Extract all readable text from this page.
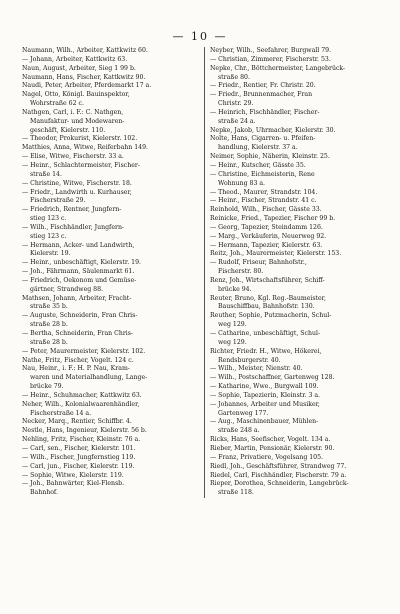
— 10 —
Naumann, Wilh., Arbeiter, Kattkwitz 60.
— Johann, Arbeiter, Kattkwitz 63.
Naun, August, Arbeiter, Sieg 1 99 b.
Naumann, Hans, Fischer, Kattkwitz 90.
Naudi, Peter, Arbeiter, Pferdemarkt 17 a.
Nagel, Otto, Königl. Bauinspektor,
Wohrstraße 62 c.
Nathgen, Carl, i. F.: C. Nathgen,
Manufaktur- und Modewaren-
geschäft, Kielerstr. 110.
— Theodor, Prokurist, Kielerstr. 102.
Matthies, Anna, Witwe, Reiferbahn 149.
— Elise, Witwe, Fischerstr. 33 a.
— Heinr., Schlachtermeister, Fischer-
straße 14.
— Christine, Witwe, Fischerstr. 18.
— Friedr., Landwirth u. Kurhauser,
Fischerstraße 29.
— Friedrich, Rentner, Jungfern-
stieg 123 c.
— Wilh., Fischhändler, Jungfern-
stieg 123 c.
— Hermann, Acker- und Landwirth,
Kielerstr. 19.
— Heinr., unbeschäftigt, Kielerstr. 19.
— Joh., Fährmann, Säulenmarkt 61.
— Friedrich, Oekonom und Gemüse-
gärtner, Strandweg 88.
Mathsen, Johann, Arbeiter, Fracht-
straße 35 b.
— Auguste, Schneiderin, Fran Chris-
straße 28 b.
— Bertha, Schneiderin, Fran Chris-
straße 28 b.
— Peter, Maurermeister, Kielerstr. 102.
Nathe, Fritz, Fischer, Vogelt. 124 c.
Nau, Heinr., i. F.: H. P. Nau, Kram-
waren und Materialhandlung, Lange-
brücke 79.
— Heinr., Schuhmacher, Kattkwitz 63.
Neher, Wilh., Kolonialwaarenhändler,
Fischerstraße 14 a.
Necker, Marq., Rentier, Schiffbr. 4.
Nestle, Hans, Ingenieur, Kielerstr. 56 b.
Nehling, Fritz, Fischer, Kleinstr. 76 a.
— Carl, sen., Fischer, Kielerstr. 101.
— Wilh., Fischer, Jungfernstieg 119.
— Carl, jun., Fischer, Kielerstr. 119.
— Sophie, Witwe, Kielerstr. 119.
— Joh., Bahnwärter, Kiel-Flensb.
Bahnhof.
Neyber, Wilh., Seefahrer, Burgwall 79.
— Christian, Zimmerer, Fischerstr. 53.
Nepke, Chr., Böttchermeister, Langebrück-
straße 80.
— Friedr., Rentier, Fr. Christr. 20.
— Friedr., Brunnenmacher, Fran
Christr. 29.
— Heinrich, Fischhändler, Fischer-
straße 24 a.
Nepke, Jakob, Uhrmacher, Kielerstr. 30.
Nolte, Hans, Cigarren- u. Pfeifen-
handlung, Kielerstr. 37 a.
Neimer, Sophie, Näherin, Kleinstr. 25.
— Heinr., Kutscher, Gässte 35.
— Christine, Eichmeisterin, Rene
Wohnung 83 a.
— Theod., Maurer, Strandstr. 104.
— Heinr., Fischer, Strandstr. 41 c.
Reinhold, Wilh., Fischer, Gässte 33.
Reinicke, Fried., Tapezier, Fischer 99 b.
— Georg, Tapezier, Steindamm 126.
— Marg., Verkäuferin, Neuerweg 92.
— Hermann, Tapezier, Kielerstr. 63.
Reitz, Joh., Maurermeister, Kielerstr. 153.
— Rudolf, Friseur, Bahnhofstr.,
Fischerstr. 80.
Renz, Joh., Wirtschaftsführer, Schiff-
brücke 94.
Reuter, Bruno, Kgl. Reg.-Baumeister,
Bauschiffbau, Bahnhofstr. 130.
Reuther, Sophie, Putzmacherin, Schul-
weg 129.
— Catharine, unbeschäftigt, Schul-
weg 129.
Richter, Friedr. H., Witwe, Hökerei,
Rendsburgerstr. 40.
— Wilh., Meister, Nienstr. 40.
— Wilh., Postschaffner, Gartenweg 128.
— Katharine, Wwe., Burgwall 109.
— Sophie, Tapezierin, Kleinstr. 3 a.
— Johannes, Arbeiter und Musiker,
Gartenweg 177.
— Aug., Maschinenbauer, Mühlen-
straße 248 a.
Ricks, Hans, Seefischer, Vogelt. 134 a.
Rieber, Martin, Pensionär, Kielerstr. 90.
— Franz, Privatiere, Vogelsang 105.
Riedl, Joh., Geschäftsführer, Strandweg 77.
Riedel, Carl, Fischhändler, Fischerstr. 79 a.
Rieper, Dorothea, Schneiderin, Langebrück-
straße 118.
